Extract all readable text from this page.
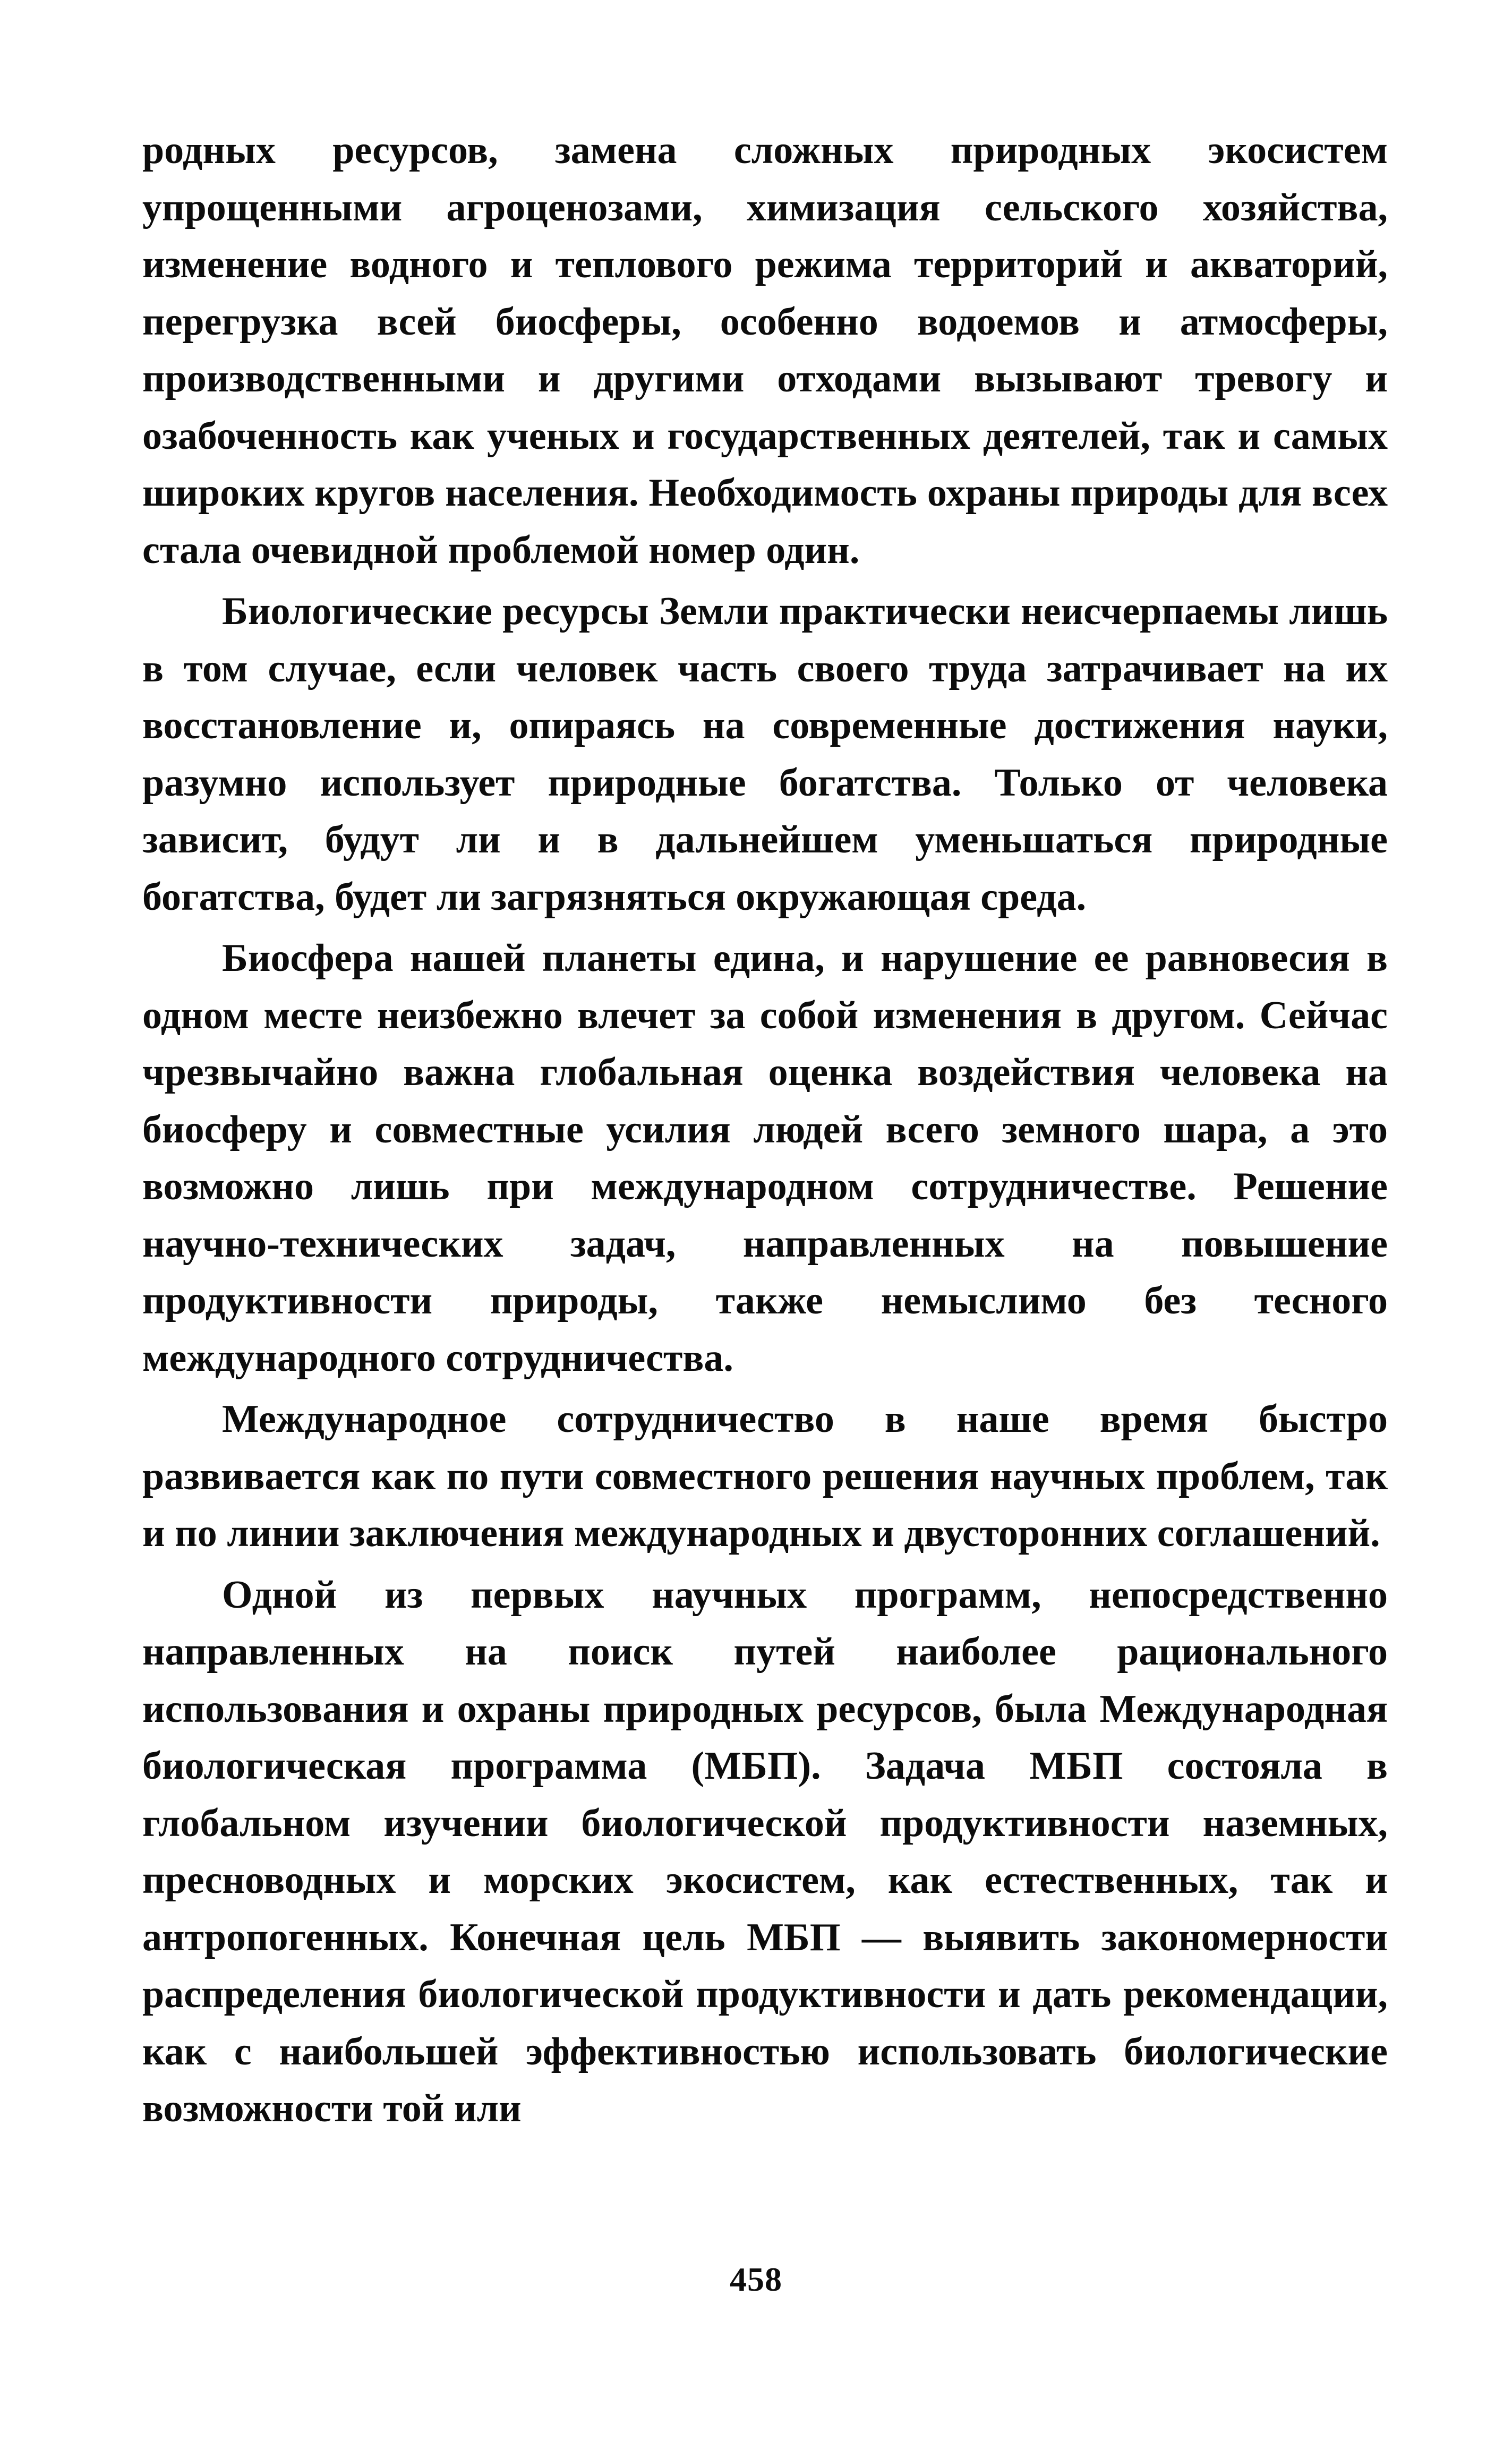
родных ресурсов, замена сложных природных экосистем упрощенными агроценозами, химизация сельского хозяйства, изменение водного и теплового режима территорий и акваторий, перегрузка всей биосферы, особенно водоемов и атмосферы, производственными и другими отходами вызывают тревогу и озабоченность как ученых и государственных деятелей, так и самых широких кругов населения. Необходимость охраны природы для всех стала очевидной проблемой номер один.

Биологические ресурсы Земли практически неисчерпаемы лишь в том случае, если человек часть своего труда затрачивает на их восстановление и, опираясь на современные достижения науки, разумно использует природные богатства. Только от человека зависит, будут ли и в дальнейшем уменьшаться природные богатства, будет ли загрязняться окружающая среда.

Биосфера нашей планеты едина, и нарушение ее равновесия в одном месте неизбежно влечет за собой изменения в другом. Сейчас чрезвычайно важна глобальная оценка воздействия человека на биосферу и совместные усилия людей всего земного шара, а это возможно лишь при международном сотрудничестве. Решение научно-технических задач, направленных на повышение продуктивности природы, также немыслимо без тесного международного сотрудничества.

Международное сотрудничество в наше время быстро развивается как по пути совместного решения научных проблем, так и по линии заключения международных и двусторонних соглашений.

Одной из первых научных программ, непосредственно направленных на поиск путей наиболее рационального использования и охраны природных ресурсов, была Международная биологическая программа (МБП). Задача МБП состояла в глобальном изучении биологической продуктивности наземных, пресноводных и морских экосистем, как естественных, так и антропогенных. Конечная цель МБП — выявить закономерности распределения биологической продуктивности и дать рекомендации, как с наибольшей эффективностью использовать биологические возможности той или

458
